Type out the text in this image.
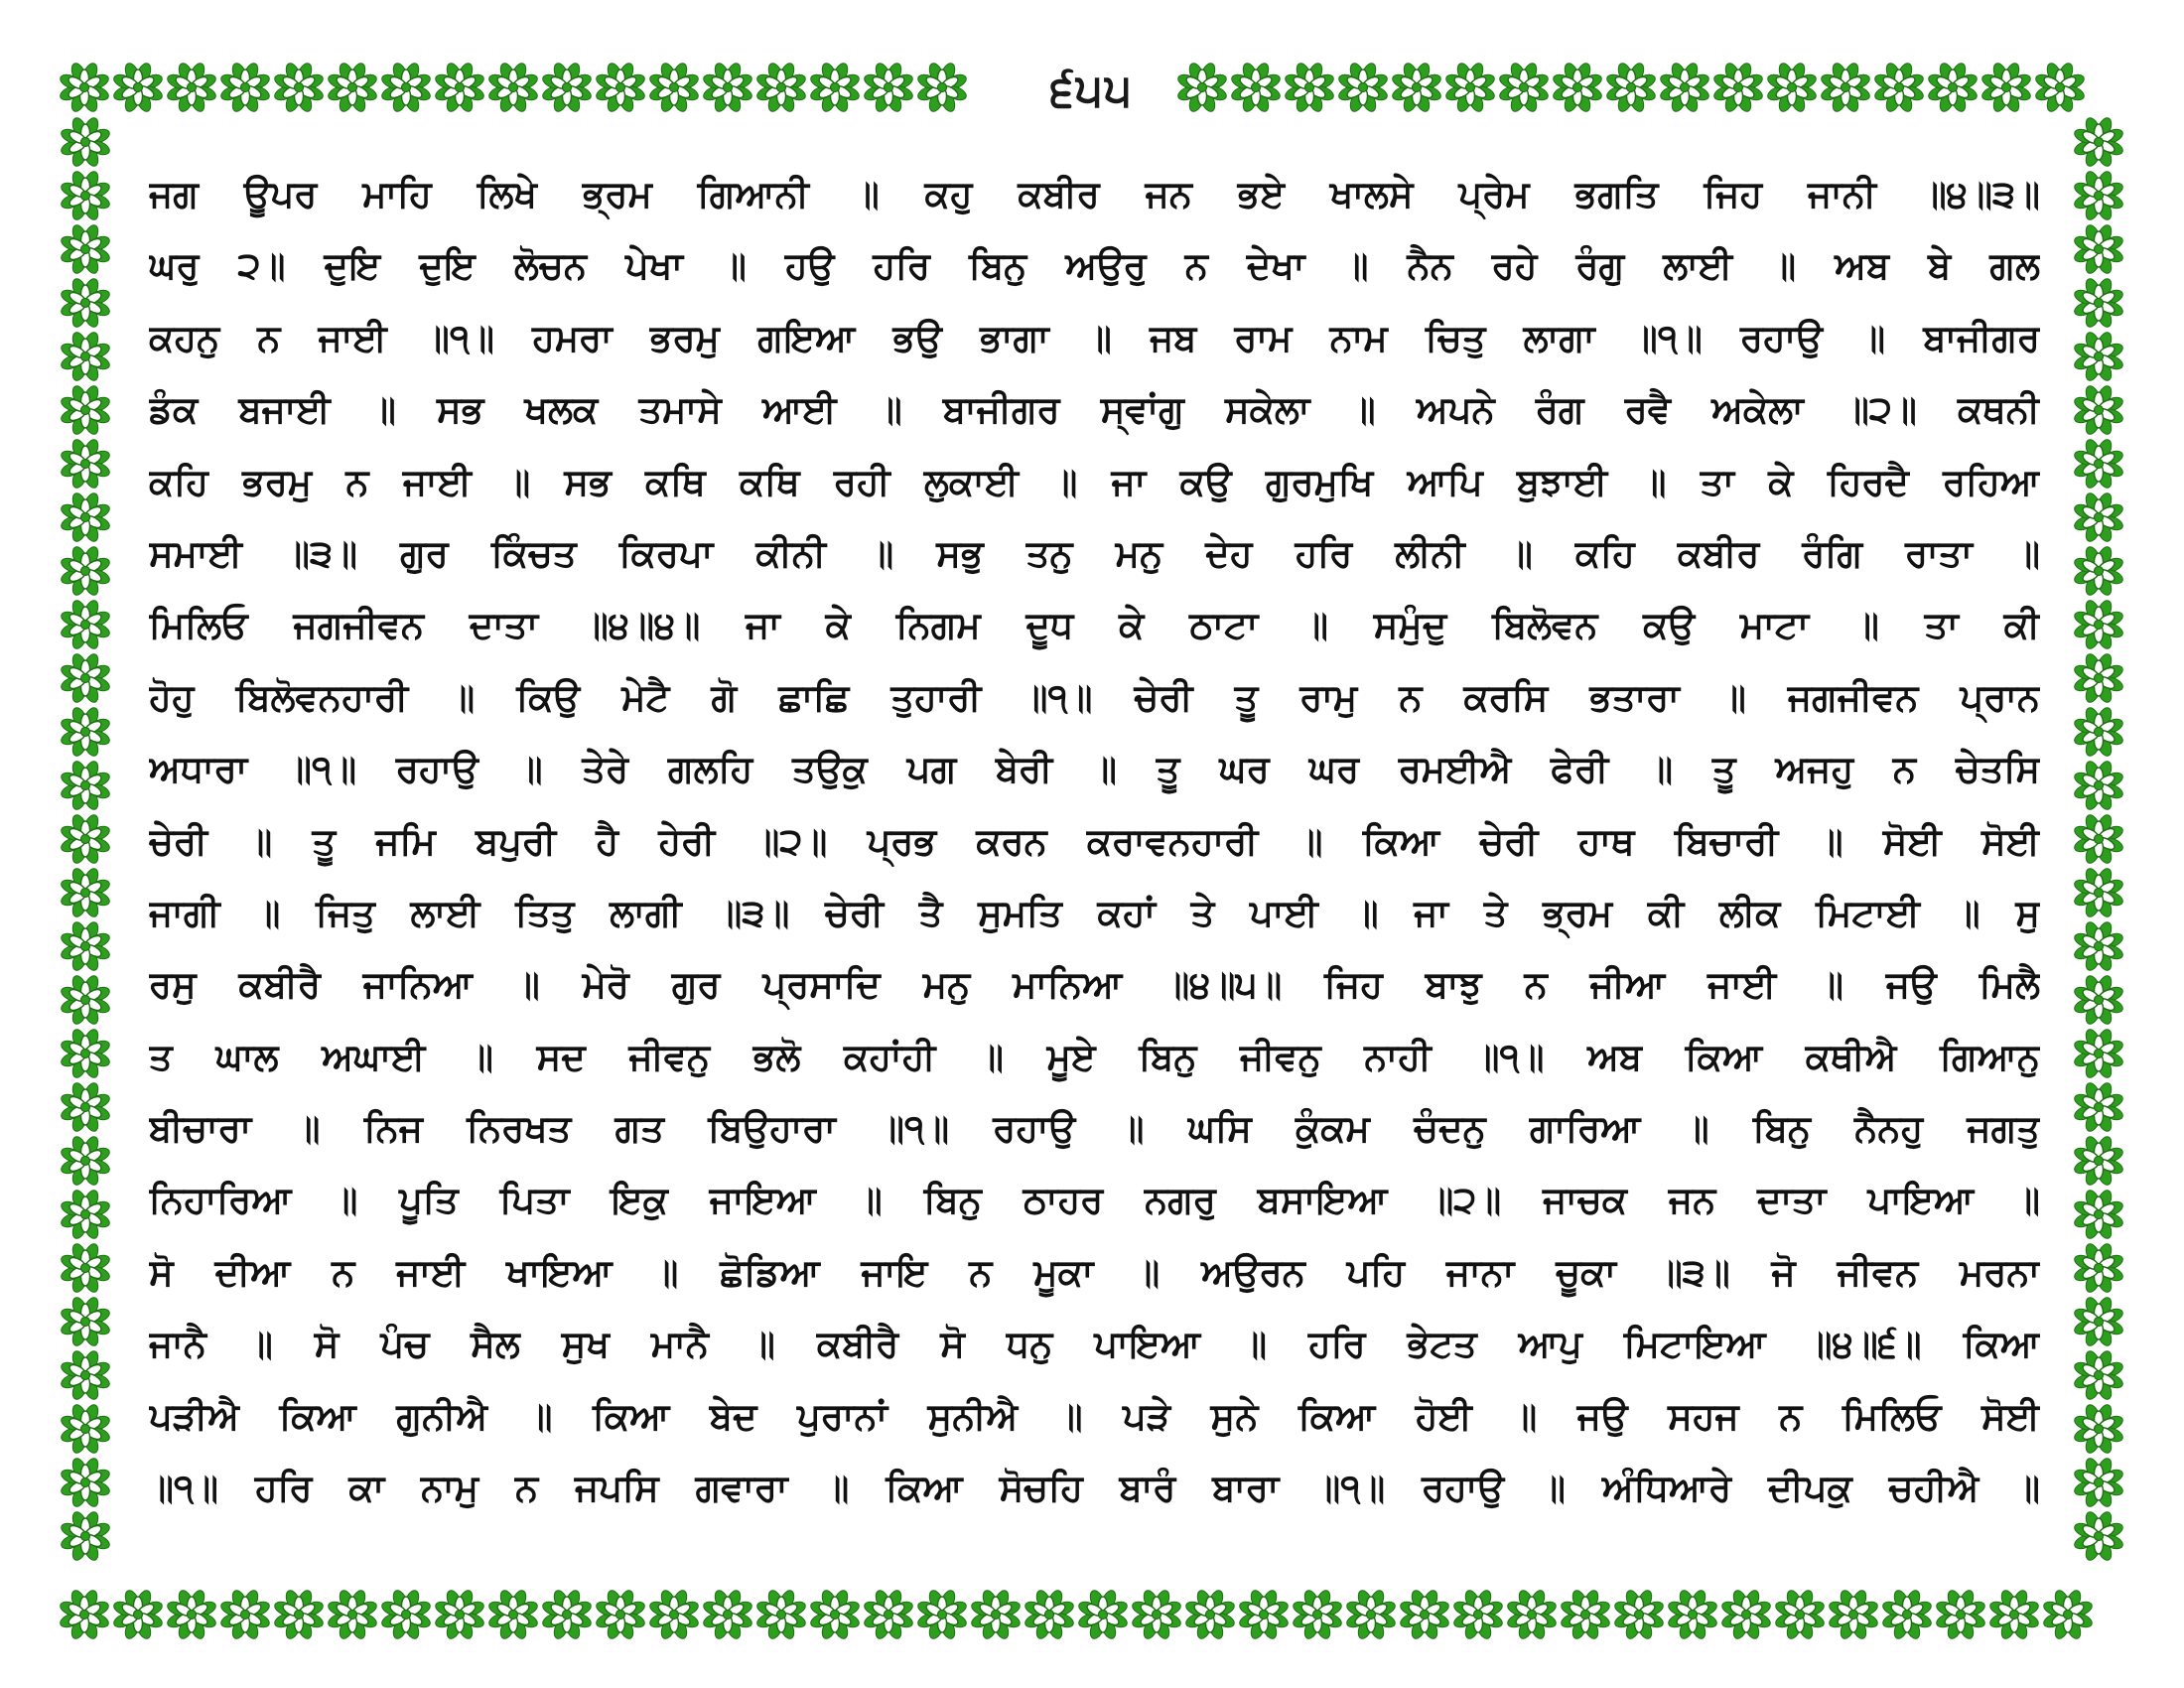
੬੫੫
ਜਗ ਊਪਰ ਮਾਹਿ ਲਿਖੇ ਭ੍ਰਮ ਗਿਆਨੀ ॥ ਕਹੁ ਕਬੀਰ ਜਨ ਭਏ ਖਾਲਸੇ ਪ੍ਰੇਮ ਭਗਤਿ ਜਿਹ ਜਾਨੀ ॥੪॥੩॥
ਘਰੁ ੨॥ ਦੁਇ ਦੁਇ ਲੋਚਨ ਪੇਖਾ ॥ ਹਉ ਹਰਿ ਬਿਨੁ ਅਉਰੁ ਨ ਦੇਖਾ ॥ ਨੈਨ ਰਹੇ ਰੰਗੁ ਲਾਈ ॥ ਅਬ ਬੇ ਗਲ
ਕਹਨੁ ਨ ਜਾਈ ॥੧॥ ਹਮਰਾ ਭਰਮੁ ਗਇਆ ਭਉ ਭਾਗਾ ॥ ਜਬ ਰਾਮ ਨਾਮ ਚਿਤੁ ਲਾਗਾ ॥੧॥ ਰਹਾਉ ॥ ਬਾਜੀਗਰ
ਡੰਕ ਬਜਾਈ ॥ ਸਭ ਖਲਕ ਤਮਾਸੇ ਆਈ ॥ ਬਾਜੀਗਰ ਸ੍ਵਾਂਗੁ ਸਕੇਲਾ ॥ ਅਪਨੇ ਰੰਗ ਰਵੈ ਅਕੇਲਾ ॥੨॥ ਕਥਨੀ
ਕਹਿ ਭਰਮੁ ਨ ਜਾਈ ॥ ਸਭ ਕਥਿ ਕਥਿ ਰਹੀ ਲੁਕਾਈ ॥ ਜਾ ਕਉ ਗੁਰਮੁਖਿ ਆਪਿ ਬੁਝਾਈ ॥ ਤਾ ਕੇ ਹਿਰਦੈ ਰਹਿਆ
ਸਮਾਈ ॥੩॥ ਗੁਰ ਕਿੰਚਤ ਕਿਰਪਾ ਕੀਨੀ ॥ ਸਭੁ ਤਨੁ ਮਨੁ ਦੇਹ ਹਰਿ ਲੀਨੀ ॥ ਕਹਿ ਕਬੀਰ ਰੰਗਿ ਰਾਤਾ ॥
ਮਿਲਿਓ ਜਗਜੀਵਨ ਦਾਤਾ ॥੪॥੪॥ ਜਾ ਕੇ ਨਿਗਮ ਦੂਧ ਕੇ ਠਾਟਾ ॥ ਸਮੁੰਦੁ ਬਿਲੋਵਨ ਕਉ ਮਾਟਾ ॥ ਤਾ ਕੀ
ਹੋਹੁ ਬਿਲੋਵਨਹਾਰੀ ॥ ਕਿਉ ਮੇਟੈ ਗੋ ਛਾਛਿ ਤੁਹਾਰੀ ॥੧॥ ਚੇਰੀ ਤੂ ਰਾਮੁ ਨ ਕਰਸਿ ਭਤਾਰਾ ॥ ਜਗਜੀਵਨ ਪ੍ਰਾਨ
ਅਧਾਰਾ ॥੧॥ ਰਹਾਉ ॥ ਤੇਰੇ ਗਲਹਿ ਤਉਕੁ ਪਗ ਬੇਰੀ ॥ ਤੂ ਘਰ ਘਰ ਰਮਈਐ ਫੇਰੀ ॥ ਤੂ ਅਜਹੁ ਨ ਚੇਤਸਿ
ਚੇਰੀ ॥ ਤੂ ਜਮਿ ਬਪੁਰੀ ਹੈ ਹੇਰੀ ॥੨॥ ਪ੍ਰਭ ਕਰਨ ਕਰਾਵਨਹਾਰੀ ॥ ਕਿਆ ਚੇਰੀ ਹਾਥ ਬਿਚਾਰੀ ॥ ਸੋਈ ਸੋਈ
ਜਾਗੀ ॥ ਜਿਤੁ ਲਾਈ ਤਿਤੁ ਲਾਗੀ ॥੩॥ ਚੇਰੀ ਤੈ ਸੁਮਤਿ ਕਹਾਂ ਤੇ ਪਾਈ ॥ ਜਾ ਤੇ ਭ੍ਰਮ ਕੀ ਲੀਕ ਮਿਟਾਈ ॥ ਸੁ
ਰਸੁ ਕਬੀਰੈ ਜਾਨਿਆ ॥ ਮੇਰੋ ਗੁਰ ਪ੍ਰਸਾਦਿ ਮਨੁ ਮਾਨਿਆ ॥੪॥੫॥ ਜਿਹ ਬਾਝੁ ਨ ਜੀਆ ਜਾਈ ॥ ਜਉ ਮਿਲੈ
ਤ ਘਾਲ ਅਘਾਈ ॥ ਸਦ ਜੀਵਨੁ ਭਲੋ ਕਹਾਂਹੀ ॥ ਮੂਏ ਬਿਨੁ ਜੀਵਨੁ ਨਾਹੀ ॥੧॥ ਅਬ ਕਿਆ ਕਥੀਐ ਗਿਆਨੁ
ਬੀਚਾਰਾ ॥ ਨਿਜ ਨਿਰਖਤ ਗਤ ਬਿਉਹਾਰਾ ॥੧॥ ਰਹਾਉ ॥ ਘਸਿ ਕੁੰਕਮ ਚੰਦਨੁ ਗਾਰਿਆ ॥ ਬਿਨੁ ਨੈਨਹੁ ਜਗਤੁ
ਨਿਹਾਰਿਆ ॥ ਪੂਤਿ ਪਿਤਾ ਇਕੁ ਜਾਇਆ ॥ ਬਿਨੁ ਠਾਹਰ ਨਗਰੁ ਬਸਾਇਆ ॥੨॥ ਜਾਚਕ ਜਨ ਦਾਤਾ ਪਾਇਆ ॥
ਸੋ ਦੀਆ ਨ ਜਾਈ ਖਾਇਆ ॥ ਛੋਡਿਆ ਜਾਇ ਨ ਮੂਕਾ ॥ ਅਉਰਨ ਪਹਿ ਜਾਨਾ ਚੂਕਾ ॥੩॥ ਜੋ ਜੀਵਨ ਮਰਨਾ
ਜਾਨੈ ॥ ਸੋ ਪੰਚ ਸੈਲ ਸੁਖ ਮਾਨੈ ॥ ਕਬੀਰੈ ਸੋ ਧਨੁ ਪਾਇਆ ॥ ਹਰਿ ਭੇਟਤ ਆਪੁ ਮਿਟਾਇਆ ॥੪॥੬॥ ਕਿਆ
ਪੜੀਐ ਕਿਆ ਗੁਨੀਐ ॥ ਕਿਆ ਬੇਦ ਪੁਰਾਨਾਂ ਸੁਨੀਐ ॥ ਪੜੇ ਸੁਨੇ ਕਿਆ ਹੋਈ ॥ ਜਉ ਸਹਜ ਨ ਮਿਲਿਓ ਸੋਈ
॥੧॥ ਹਰਿ ਕਾ ਨਾਮੁ ਨ ਜਪਸਿ ਗਵਾਰਾ ॥ ਕਿਆ ਸੋਚਹਿ ਬਾਰੰ ਬਾਰਾ ॥੧॥ ਰਹਾਉ ॥ ਅੰਧਿਆਰੇ ਦੀਪਕੁ ਚਹੀਐ ॥
